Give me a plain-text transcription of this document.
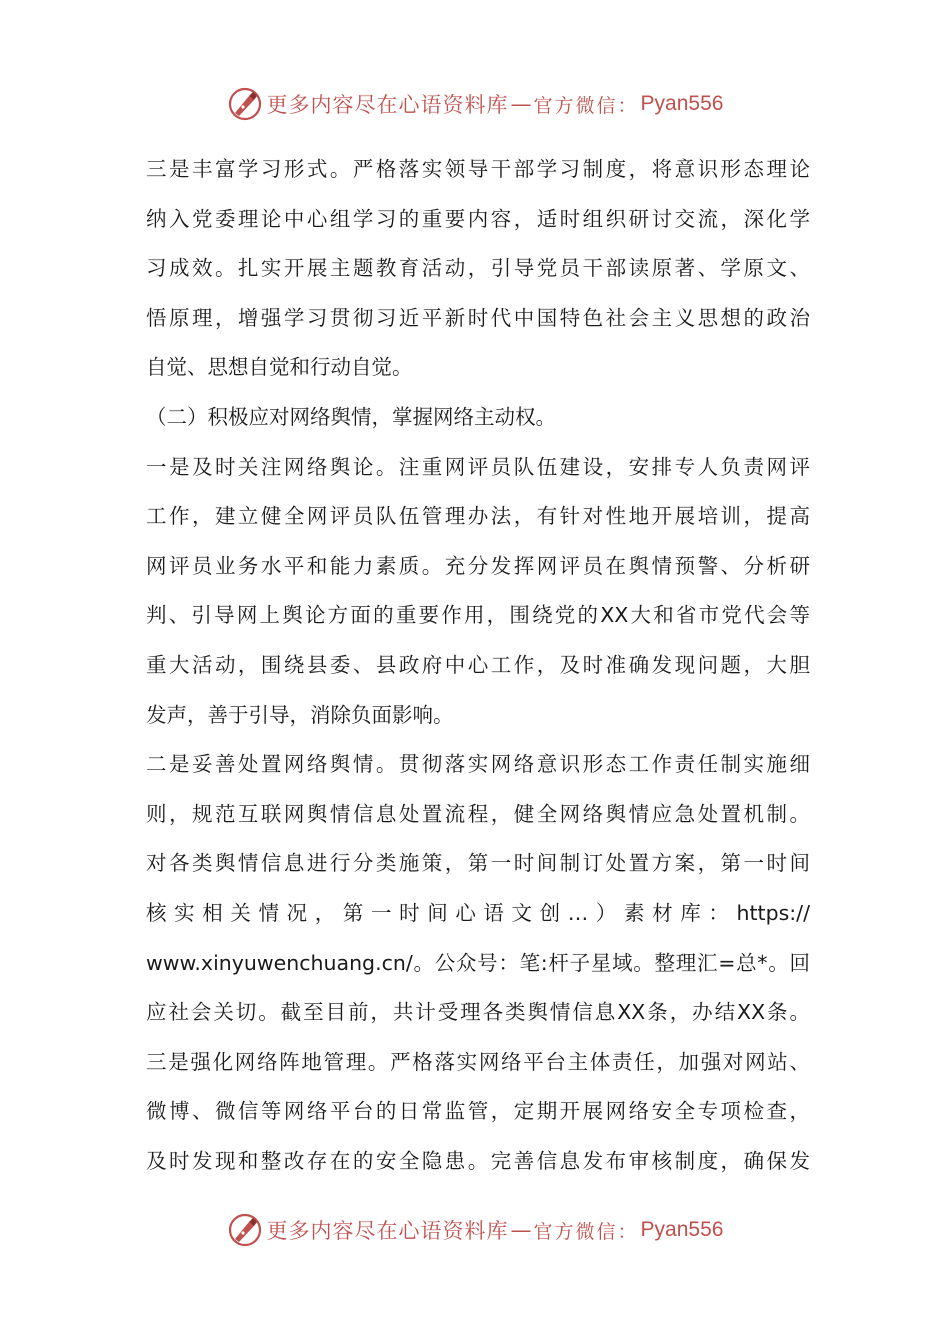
更多内容尽在心语资料库 — 官方微信： Pyan556
三是丰富学习形式。严格落实领导干部学习制度，将意识形态理论
纳入党委理论中心组学习的重要内容，适时组织研讨交流，深化学
习成效。扎实开展主题教育活动，引导党员干部读原著、学原文、
悟原理，增强学习贯彻习近平新时代中国特色社会主义思想的政治
自觉、思想自觉和行动自觉。
（二）积极应对网络舆情，掌握网络主动权。
一是及时关注网络舆论。注重网评员队伍建设，安排专人负责网评
工作，建立健全网评员队伍管理办法，有针对性地开展培训，提高
网评员业务水平和能力素质。充分发挥网评员在舆情预警、分析研
判、引导网上舆论方面的重要作用，围绕党的XX大和省市党代会等
重大活动，围绕县委、县政府中心工作，及时准确发现问题，大胆
发声，善于引导，消除负面影响。
二是妥善处置网络舆情。贯彻落实网络意识形态工作责任制实施细
则，规范互联网舆情信息处置流程，健全网络舆情应急处置机制。
对各类舆情信息进行分类施策，第一时间制订处置方案，第一时间
核实相关情况，第一时间心语文创…）素材库：https://
www.xinyuwenchuang.cn/。公众号：笔:杆子星域。整理汇=总*。回
应社会关切。截至目前，共计受理各类舆情信息XX条，办结XX条。
三是强化网络阵地管理。严格落实网络平台主体责任，加强对网站、
微博、微信等网络平台的日常监管，定期开展网络安全专项检查，
及时发现和整改存在的安全隐患。完善信息发布审核制度，确保发
更多内容尽在心语资料库 — 官方微信： Pyan556
